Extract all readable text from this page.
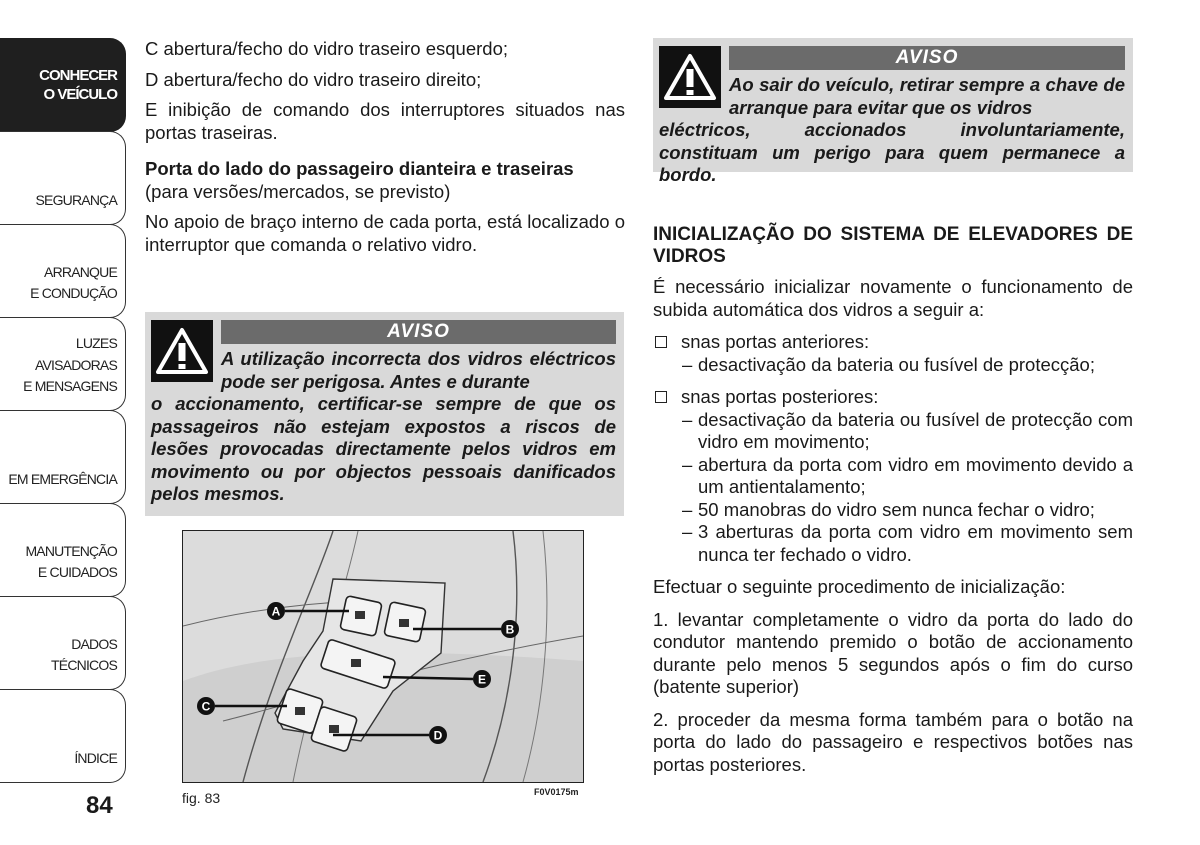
CONHECER
O VEÍCULO
SEGURANÇA
ARRANQUE
E CONDUÇÃO
LUZES AVISADORAS
E MENSAGENS
EM EMERGÊNCIA
MANUTENÇÃO
E CUIDADOS
DADOS TÉCNICOS
ÍNDICE
84

C abertura/fecho do vidro traseiro esquerdo;

D abertura/fecho do vidro traseiro direito;

E inibição de comando dos interruptores situados nas portas traseiras.

Porta do lado do passageiro dianteira e traseiras

(para versões/mercados, se previsto)

No apoio de braço interno de cada porta, está localizado o interruptor que comanda o relativo vidro.

AVISO
A utilização incorrecta dos vidros eléctricos pode ser perigosa. Antes e durante
o accionamento, certificar-se sempre de que os passageiros não estejam expostos a riscos de lesões provocadas directamente pelos vidros em movimento ou por objectos pessoais danificados pelos mesmos.
A
B
C
D
E
fig. 83	F0V0175m
AVISO
Ao sair do veículo, retirar sempre a chave de arranque para evitar que os vidros
eléctricos, accionados involuntariamente, constituam um perigo para quem permanece a bordo.
INICIALIZAÇÃO DO SISTEMA DE ELEVADORES DE VIDROS

É necessário inicializar novamente o funcionamento de subida automática dos vidros a seguir a:

snas portas anteriores:
– desactivação da bateria ou fusível de protecção;
snas portas posteriores:
– desactivação da bateria ou fusível de protecção com vidro em movimento;
– abertura da porta com vidro em movimento devido a um antientalamento;
– 50 manobras do vidro sem nunca fechar o vidro;
– 3 aberturas da porta com vidro em movimento sem nunca ter fechado o vidro.

Efectuar o seguinte procedimento de inicialização:

1. levantar completamente o vidro da porta do lado do condutor mantendo premido o botão de accionamento durante pelo menos 5 segundos após o fim do curso (batente superior)

2. proceder da mesma forma também para o botão na porta do lado do passageiro e respectivos botões nas portas posteriores.
